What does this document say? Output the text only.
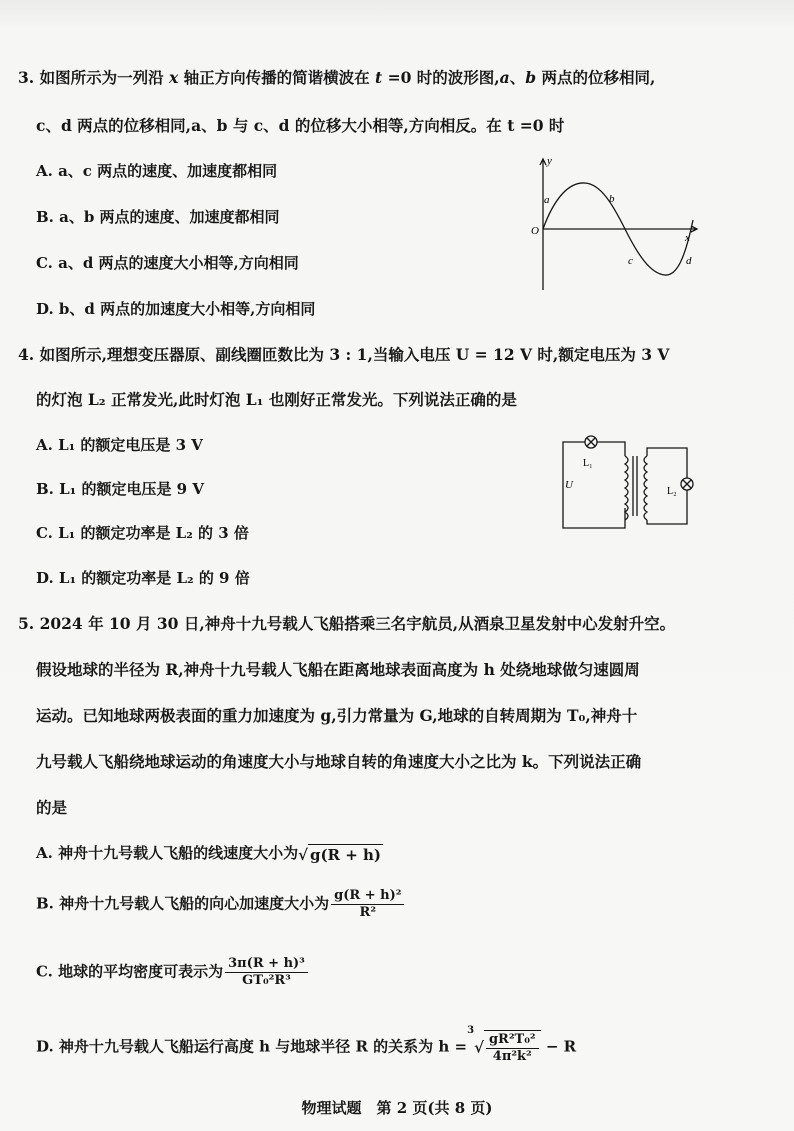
3. 如图所示为一列沿 x 轴正方向传播的简谐横波在 t =0 时的波形图,a、b 两点的位移相同,
c、d 两点的位移相同,a、b 与 c、d 的位移大小相等,方向相反。在 t =0 时
A. a、c 两点的速度、加速度都相同
B. a、b 两点的速度、加速度都相同
C. a、d 两点的速度大小相等,方向相同
D. b、d 两点的加速度大小相等,方向相同
y
x
O
a	b
c	d
4. 如图所示,理想变压器原、副线圈匝数比为 3 : 1,当输入电压 U = 12 V 时,额定电压为 3 V
的灯泡 L₂ 正常发光,此时灯泡 L₁ 也刚好正常发光。下列说法正确的是
A. L₁ 的额定电压是 3 V
B. L₁ 的额定电压是 9 V
C. L₁ 的额定功率是 L₂ 的 3 倍
D. L₁ 的额定功率是 L₂ 的 9 倍
L₁
L₂
U
5. 2024 年 10 月 30 日,神舟十九号载人飞船搭乘三名宇航员,从酒泉卫星发射中心发射升空。
假设地球的半径为 R,神舟十九号载人飞船在距离地球表面高度为 h 处绕地球做匀速圆周
运动。已知地球两极表面的重力加速度为 g,引力常量为 G,地球的自转周期为 T₀,神舟十
九号载人飞船绕地球运动的角速度大小与地球自转的角速度大小之比为 k。下列说法正确
的是
A. 神舟十九号载人飞船的线速度大小为√ g(R + h)
B. 神舟十九号载人飞船的向心加速度大小为 $\frac{\text{g(R + h)²}}{\text{R²}}$
C. 地球的平均密度可表示为 $\frac{\text{3π(R + h)³}}{\text{GT₀²R³}}$
D. 神舟十九号载人飞船运行高度 h 与地球半径 R 的关系为 $h =^3√ \frac{\text{gR²T₀²}}{\text{4π²k²}} - R$
物理试题　第 2 页(共 8 页)
